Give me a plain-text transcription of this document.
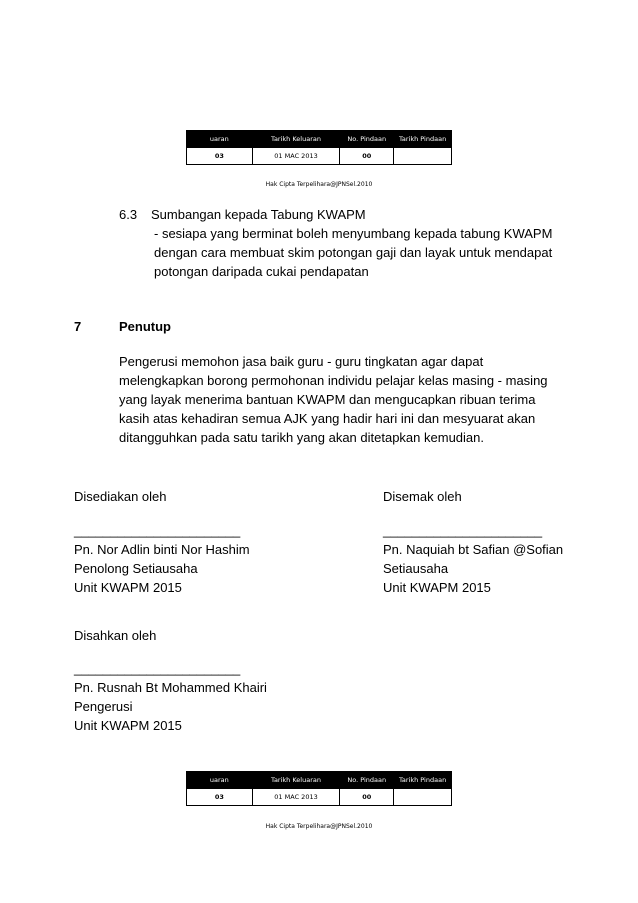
uaran	Tarikh Keluaran	No. Pindaan	Tarikh Pindaan
03	01 MAC 2013	00	
Hak Cipta Terpelihara@JPNSel.2010
6.3 Sumbangan kepada Tabung KWAPM
- sesiapa yang berminat boleh menyumbang kepada tabung KWAPM
dengan cara membuat skim potongan gaji dan layak untuk mendapat
potongan daripada cukai pendapatan
7	Penutup
Pengerusi memohon jasa baik guru - guru tingkatan agar dapat
melengkapkan borong permohonan individu pelajar kelas masing - masing
yang layak menerima bantuan KWAPM dan mengucapkan ribuan terima
kasih atas kehadiran semua AJK yang hadir hari ini dan mesyuarat akan
ditangguhkan pada satu tarikh yang akan ditetapkan kemudian.
Disediakan oleh
_______________________
Pn. Nor Adlin binti Nor Hashim
Penolong Setiausaha
Unit KWAPM 2015
Disemak oleh
______________________
Pn. Naquiah bt Safian @Sofian
Setiausaha
Unit KWAPM 2015
Disahkan oleh
_______________________
Pn. Rusnah Bt Mohammed Khairi
Pengerusi
Unit KWAPM 2015
uaran	Tarikh Keluaran	No. Pindaan	Tarikh Pindaan
03	01 MAC 2013	00	
Hak Cipta Terpelihara@JPNSel.2010
